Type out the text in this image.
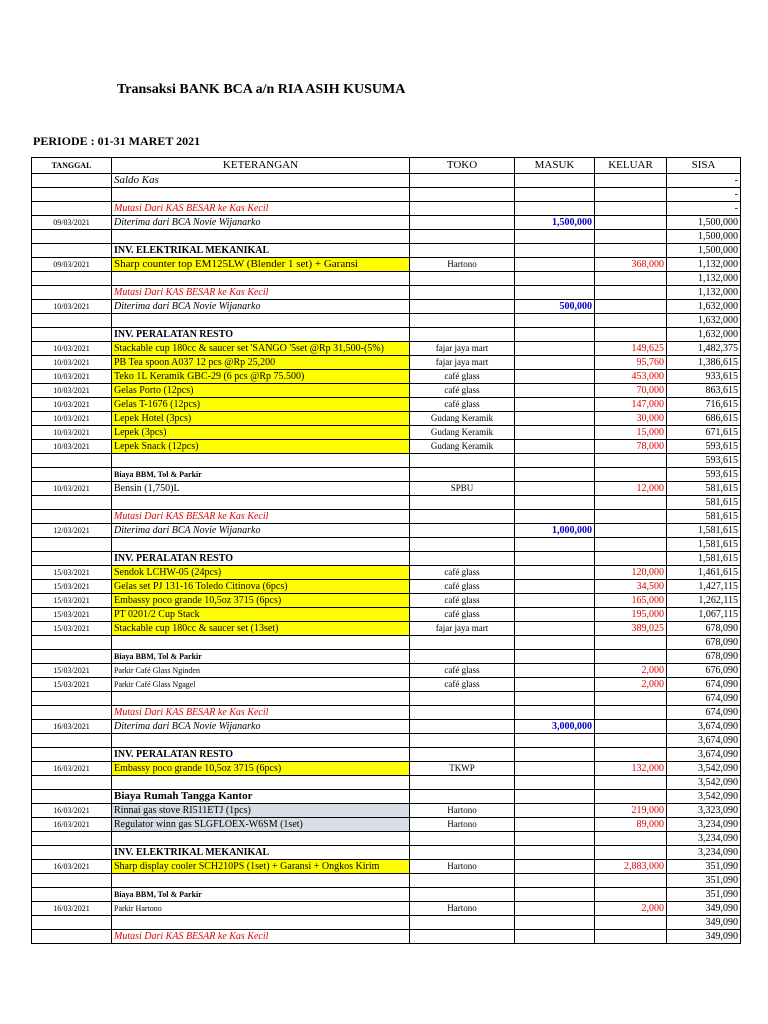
Transaksi BANK BCA a/n RIA ASIH KUSUMA
PERIODE : 01-31 MARET 2021
TANGGAL	KETERANGAN	TOKO	MASUK	KELUAR	SISA
	Saldo Kas				-
					-
	Mutasi Dari KAS BESAR ke Kas Kecil				-
09/03/2021	Diterima dari BCA Novie Wijanarko		1,500,000		1,500,000
					1,500,000
	INV. ELEKTRIKAL MEKANIKAL				1,500,000
09/03/2021	Sharp counter top EM125LW (Blender 1 set) + Garansi	Hartono		368,000	1,132,000
					1,132,000
	Mutasi Dari KAS BESAR ke Kas Kecil				1,132,000
10/03/2021	Diterima dari BCA Novie Wijanarko		500,000		1,632,000
					1,632,000
	INV. PERALATAN RESTO				1,632,000
10/03/2021	Stackable cup 180cc & saucer set 'SANGO '5set @Rp 31,500-(5%)	fajar jaya mart		149,625	1,482,375
10/03/2021	PB Tea spoon A037 12 pcs @Rp 25,200	fajar jaya mart		95,760	1,386,615
10/03/2021	Teko 1L Keramik GBC-29 (6 pcs @Rp 75.500)	café glass		453,000	933,615
10/03/2021	Gelas Porto (12pcs)	café glass		70,000	863,615
10/03/2021	Gelas T-1676 (12pcs)	café glass		147,000	716,615
10/03/2021	Lepek Hotel (3pcs)	Gudang Keramik		30,000	686,615
10/03/2021	Lepek (3pcs)	Gudang Keramik		15,000	671,615
10/03/2021	Lepek Snack (12pcs)	Gudang Keramik		78,000	593,615
					593,615
	Biaya BBM, Tol & Parkir				593,615
10/03/2021	Bensin (1,750)L	SPBU		12,000	581,615
					581,615
	Mutasi Dari KAS BESAR ke Kas Kecil				581,615
12/03/2021	Diterima dari BCA Novie Wijanarko		1,000,000		1,581,615
					1,581,615
	INV. PERALATAN RESTO				1,581,615
15/03/2021	Sendok LCHW-05 (24pcs)	café glass		120,000	1,461,615
15/03/2021	Gelas set PJ 131-16 Toledo Citinova (6pcs)	café glass		34,500	1,427,115
15/03/2021	Embassy poco grande 10,5oz 3715 (6pcs)	café glass		165,000	1,262,115
15/03/2021	PT 0201/2 Cup Stack	café glass		195,000	1,067,115
15/03/2021	Stackable cup 180cc & saucer set (13set)	fajar jaya mart		389,025	678,090
					678,090
	Biaya BBM, Tol & Parkir				678,090
15/03/2021	Parkir Café Glass Nginden	café glass		2,000	676,090
15/03/2021	Parkir Café Glass Ngagel	café glass		2,000	674,090
					674,090
	Mutasi Dari KAS BESAR ke Kas Kecil				674,090
16/03/2021	Diterima dari BCA Novie Wijanarko		3,000,000		3,674,090
					3,674,090
	INV. PERALATAN RESTO				3,674,090
16/03/2021	Embassy poco grande 10,5oz 3715 (6pcs)	TKWP		132,000	3,542,090
					3,542,090
	Biaya Rumah Tangga Kantor				3,542,090
16/03/2021	Rinnai gas stove RI511ETJ (1pcs)	Hartono		219,000	3,323,090
16/03/2021	Regulator winn gas SLGFLOEX-W6SM (1set)	Hartono		89,000	3,234,090
					3,234,090
	INV. ELEKTRIKAL MEKANIKAL				3,234,090
16/03/2021	Sharp display cooler SCH210PS (1set) + Garansi + Ongkos Kirim	Hartono		2,883,000	351,090
					351,090
	Biaya BBM, Tol & Parkir				351,090
16/03/2021	Parkir Hartono	Hartono		2,000	349,090
					349,090
	Mutasi Dari KAS BESAR ke Kas Kecil				349,090
